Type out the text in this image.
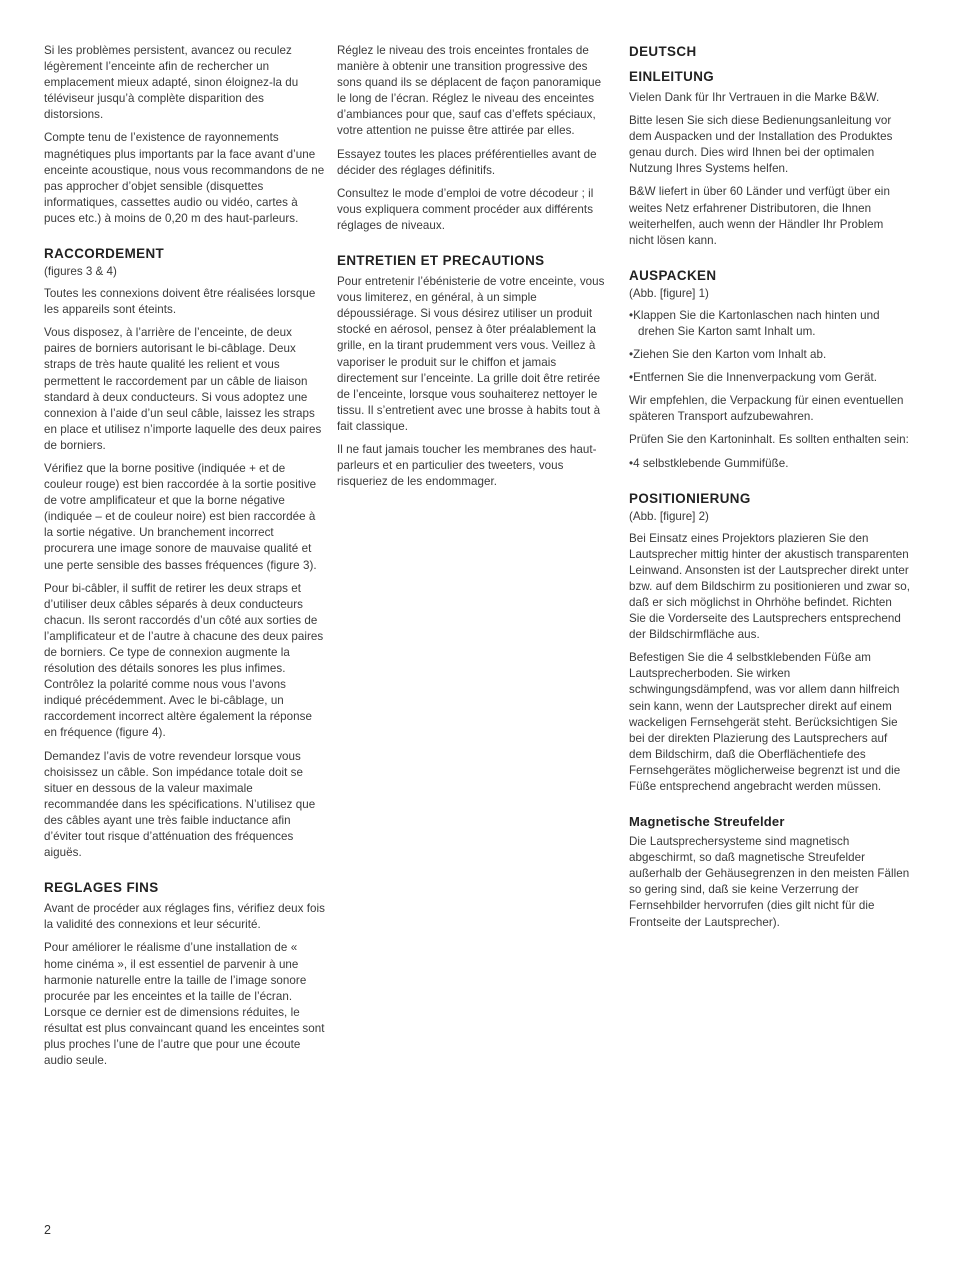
Si les problèmes persistent, avancez ou reculez légèrement l’enceinte afin de rechercher un emplacement mieux adapté, sinon éloignez-la du téléviseur jusqu’à complète disparition des distorsions.

Compte tenu de l’existence de rayonnements magnétiques plus importants par la face avant d’une enceinte acoustique, nous vous recommandons de ne pas approcher d’objet sensible (disquettes informatiques, cassettes audio ou vidéo, cartes à puces etc.) à moins de 0,20 m des haut-parleurs.

RACCORDEMENT
(figures 3 & 4)

Toutes les connexions doivent être réalisées lorsque les appareils sont éteints.

Vous disposez, à l’arrière de l’enceinte, de deux paires de borniers autorisant le bi-câblage. Deux straps de très haute qualité les relient et vous permettent le raccordement par un câble de liaison standard à deux conducteurs. Si vous adoptez une connexion à l’aide d’un seul câble, laissez les straps en place et utilisez n’importe laquelle des deux paires de borniers.

Vérifiez que la borne positive (indiquée + et de couleur rouge) est bien raccordée à la sortie positive de votre amplificateur et que la borne négative (indiquée – et de couleur noire) est bien raccordée à la sortie négative. Un branchement incorrect procurera une image sonore de mauvaise qualité et une perte sensible des basses fréquences (figure 3).

Pour bi-câbler, il suffit de retirer les deux straps et d’utiliser deux câbles séparés à deux conducteurs chacun. Ils seront raccordés d’un côté aux sorties de l’amplificateur et de l’autre à chacune des deux paires de borniers. Ce type de connexion augmente la résolution des détails sonores les plus infimes. Contrôlez la polarité comme nous vous l’avons indiqué précédemment. Avec le bi-câblage, un raccordement incorrect altère également la réponse en fréquence (figure 4).

Demandez l’avis de votre revendeur lorsque vous choisissez un câble. Son impédance totale doit se situer en dessous de la valeur maximale recommandée dans les spécifications. N’utilisez que des câbles ayant une très faible inductance afin d’éviter tout risque d’atténuation des fréquences aiguës.

REGLAGES FINS

Avant de procéder aux réglages fins, vérifiez deux fois la validité des connexions et leur sécurité.

Pour améliorer le réalisme d’une installation de « home cinéma », il est essentiel de parvenir à une harmonie naturelle entre la taille de l’image sonore procurée par les enceintes et la taille de l’écran. Lorsque ce dernier est de dimensions réduites, le résultat est plus convaincant quand les enceintes sont plus proches l’une de l’autre que pour une écoute audio seule.

Réglez le niveau des trois enceintes frontales de manière à obtenir une transition progressive des sons quand ils se déplacent de façon panoramique le long de l’écran. Réglez le niveau des enceintes d’ambiances pour que, sauf cas d’effets spéciaux, votre attention ne puisse être attirée par elles.

Essayez toutes les places préférentielles avant de décider des réglages définitifs.

Consultez le mode d’emploi de votre décodeur ; il vous expliquera comment procéder aux différents réglages de niveaux.

ENTRETIEN ET PRECAUTIONS

Pour entretenir l’ébénisterie de votre enceinte, vous vous limiterez, en général, à un simple dépoussiérage. Si vous désirez utiliser un produit stocké en aérosol, pensez à ôter préalablement la grille, en la tirant prudemment vers vous. Veillez à vaporiser le produit sur le chiffon et jamais directement sur l’enceinte. La grille doit être retirée de l’enceinte, lorsque vous souhaiterez nettoyer le tissu. Il s’entretient avec une brosse à habits tout à fait classique.

Il ne faut jamais toucher les membranes des haut-parleurs et en particulier des tweeters, vous risqueriez de les endommager.

DEUTSCH
EINLEITUNG

Vielen Dank für Ihr Vertrauen in die Marke B&W.

Bitte lesen Sie sich diese Bedienungsanleitung vor dem Auspacken und der Installation des Produktes genau durch. Dies wird Ihnen bei der optimalen Nutzung Ihres Systems helfen.

B&W liefert in über 60 Länder und verfügt über ein weites Netz erfahrener Distributoren, die Ihnen weiterhelfen, auch wenn der Händler Ihr Problem nicht lösen kann.

AUSPACKEN
(Abb. [figure] 1)

•Klappen Sie die Kartonlaschen nach hinten und drehen Sie Karton samt Inhalt um.

•Ziehen Sie den Karton vom Inhalt ab.

•Entfernen Sie die Innenverpackung vom Gerät.

Wir empfehlen, die Verpackung für einen eventuellen späteren Transport aufzubewahren.

Prüfen Sie den Kartoninhalt. Es sollten enthalten sein:

•4 selbstklebende Gummifüße.

POSITIONIERUNG
(Abb. [figure] 2)

Bei Einsatz eines Projektors plazieren Sie den Lautsprecher mittig hinter der akustisch transparenten Leinwand. Ansonsten ist der Lautsprecher direkt unter bzw. auf dem Bildschirm zu positionieren und zwar so, daß er sich möglichst in Ohrhöhe befindet. Richten Sie die Vorderseite des Lautsprechers entsprechend der Bildschirmfläche aus.

Befestigen Sie die 4 selbstklebenden Füße am Lautsprecherboden. Sie wirken schwingungsdämpfend, was vor allem dann hilfreich sein kann, wenn der Lautsprecher direkt auf einem wackeligen Fernsehgerät steht. Berücksichtigen Sie bei der direkten Plazierung des Lautsprechers auf dem Bildschirm, daß die Oberflächentiefe des Fernsehgerätes möglicherweise begrenzt ist und die Füße entsprechend angebracht werden müssen.

Magnetische Streufelder

Die Lautsprechersysteme sind magnetisch abgeschirmt, so daß magnetische Streufelder außerhalb der Gehäusegrenzen in den meisten Fällen so gering sind, daß sie keine Verzerrung der Fernsehbilder hervorrufen (dies gilt nicht für die Frontseite der Lautsprecher).

2
